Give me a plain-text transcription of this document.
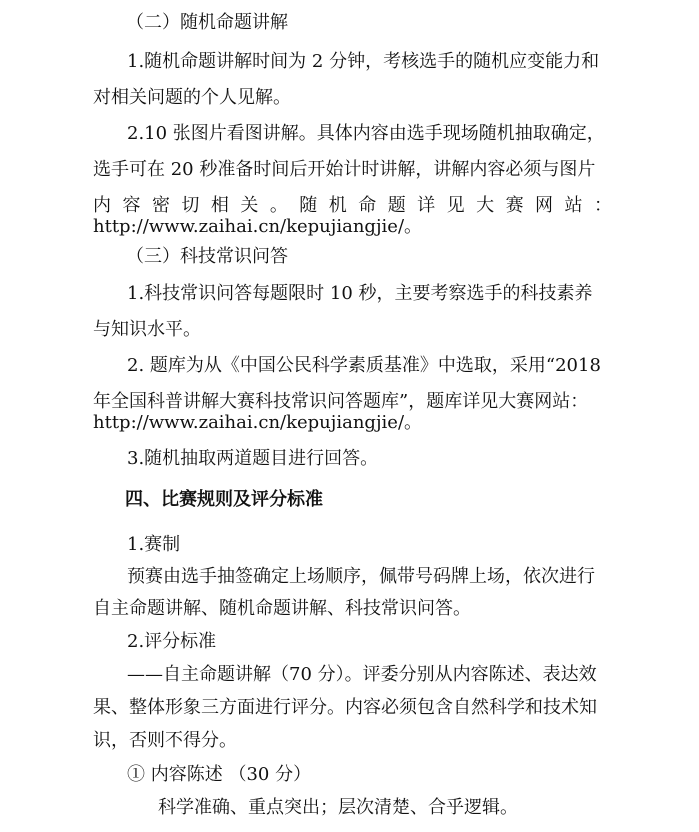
（二）随机命题讲解
1.随机命题讲解时间为 2 分钟，考核选手的随机应变能力和
对相关问题的个人见解。
2.10 张图片看图讲解。具体内容由选手现场随机抽取确定，
选手可在 20 秒准备时间后开始计时讲解，讲解内容必须与图片
内 容 密 切 相 关 。 随 机 命 题 详 见 大 赛 网 站 ：
http://www.zaihai.cn/kepujiangjie/。
（三）科技常识问答
1.科技常识问答每题限时 10 秒，主要考察选手的科技素养
与知识水平。
2. 题库为从《中国公民科学素质基准》中选取，采用“2018
年全国科普讲解大赛科技常识问答题库”，题库详见大赛网站：
http://www.zaihai.cn/kepujiangjie/。
3.随机抽取两道题目进行回答。
四、比赛规则及评分标准
1.赛制
预赛由选手抽签确定上场顺序，佩带号码牌上场，依次进行
自主命题讲解、随机命题讲解、科技常识问答。
2.评分标准
——自主命题讲解（70 分）。评委分别从内容陈述、表达效
果、整体形象三方面进行评分。内容必须包含自然科学和技术知
识，否则不得分。
① 内容陈述 （30 分）
科学准确、重点突出；层次清楚、合乎逻辑。
